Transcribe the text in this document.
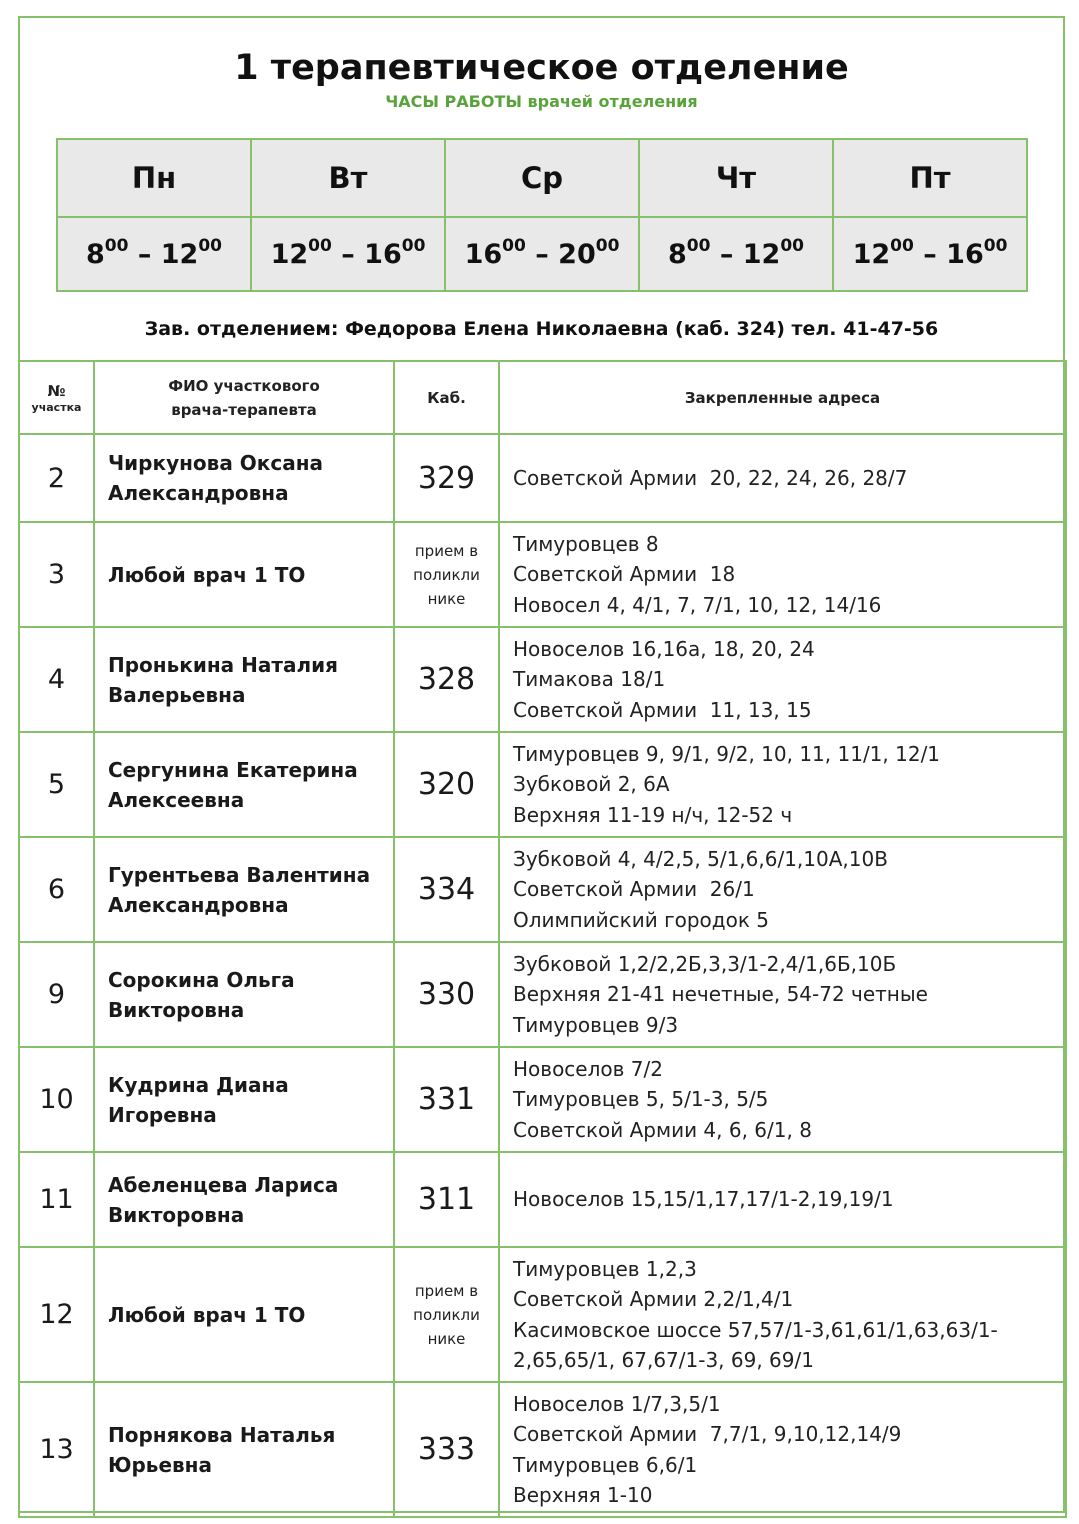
1 терапевтическое отделение
ЧАСЫ РАБОТЫ врачей отделения
Пн	Вт	Ср	Чт	Пт
$8^{00} - 12^{00}$	$12^{00} - 16^{00}$	$16^{00} - 20^{00}$	$8^{00} - 12^{00}$	$12^{00} - 16^{00}$
Зав. отделением: Федорова Елена Николаевна (каб. 324) тел. 41-47-56
№
участка	ФИО участкового
врача-терапевта	Каб.	Закрепленные адреса
2	Чиркунова Оксана
Александровна	329	Советской Армии  20, 22, 24, 26, 28/7

3	Любой врач 1 ТО	прием в поликли нике	Тимуровцев 8
Советской Армии  18
Новосел 4, 4/1, 7, 7/1, 10, 12, 14/16

4	Пронькина Наталия
Валерьевна	328	Новоселов 16,16а, 18, 20, 24
Тимакова 18/1
Советской Армии  11, 13, 15

5	Сергунина Екатерина
Алексеевна	320	Тимуровцев 9, 9/1, 9/2, 10, 11, 11/1, 12/1
Зубковой 2, 6А
Верхняя 11-19 н/ч, 12-52 ч

6	Гурентьева Валентина
Александровна	334	Зубковой 4, 4/2,5, 5/1,6,6/1,10А,10В
Советской Армии  26/1
Олимпийский городок 5

9	Сорокина Ольга
Викторовна	330	Зубковой 1,2/2,2Б,3,3/1-2,4/1,6Б,10Б
Верхняя 21-41 нечетные, 54-72 четные
Тимуровцев 9/3

10	Кудрина Диана
Игоревна	331	Новоселов 7/2
Тимуровцев 5, 5/1-3, 5/5
Советской Армии 4, 6, 6/1, 8

11	Абеленцева Лариса
Викторовна	311	Новоселов 15,15/1,17,17/1-2,19,19/1

12	Любой врач 1 ТО	прием в поликли нике	Тимуровцев 1,2,3
Советской Армии 2,2/1,4/1
Касимовское шоссе 57,57/1-3,61,61/1,63,63/1-
2,65,65/1, 67,67/1-3, 69, 69/1

13	Порнякова Наталья
Юрьевна	333	Новоселов 1/7,3,5/1
Советской Армии  7,7/1, 9,10,12,14/9
Тимуровцев 6,6/1
Верхняя 1-10
